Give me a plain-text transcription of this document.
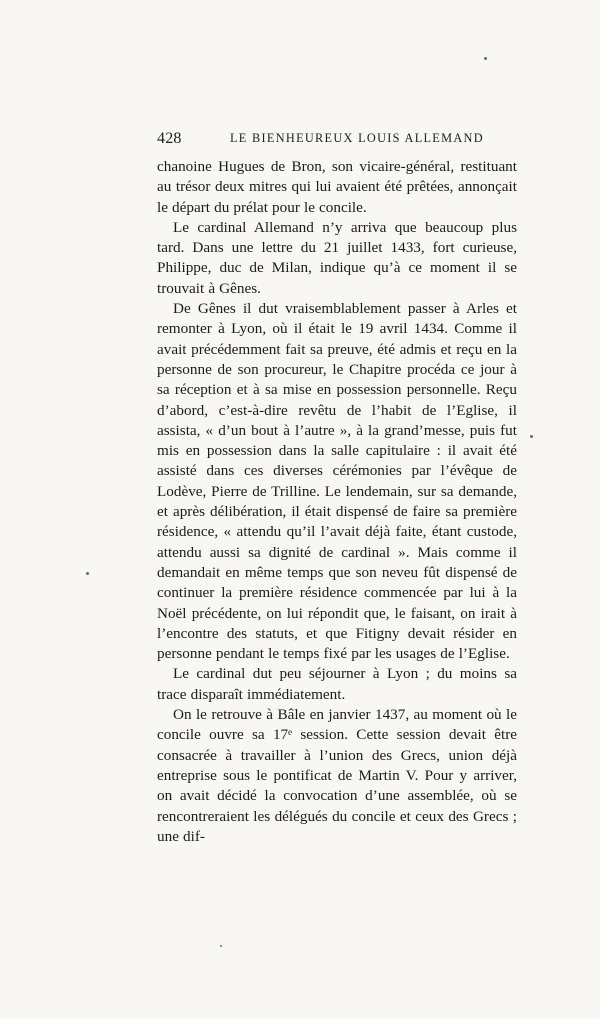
428	LE BIENHEUREUX LOUIS ALLEMAND

chanoine Hugues de Bron, son vicaire-général, restituant au trésor deux mitres qui lui avaient été prêtées, annonçait le départ du prélat pour le concile.

Le cardinal Allemand n’y arriva que beaucoup plus tard. Dans une lettre du 21 juillet 1433, fort curieuse, Philippe, duc de Milan, indique qu’à ce moment il se trouvait à Gênes.

De Gênes il dut vraisemblablement passer à Arles et remonter à Lyon, où il était le 19 avril 1434. Comme il avait précédemment fait sa preuve, été admis et reçu en la personne de son procureur, le Chapitre procéda ce jour à sa réception et à sa mise en possession personnelle. Reçu d’abord, c’est-à-dire revêtu de l’habit de l’Eglise, il assista, « d’un bout à l’autre », à la grand’messe, puis fut mis en possession dans la salle capitulaire : il avait été assisté dans ces diverses cérémonies par l’évêque de Lodève, Pierre de Trilline. Le lendemain, sur sa demande, et après délibération, il était dispensé de faire sa première résidence, « attendu qu’il l’avait déjà faite, étant custode, attendu aussi sa dignité de cardinal ». Mais comme il demandait en même temps que son neveu fût dispensé de continuer la première résidence commencée par lui à la Noël précédente, on lui répondit que, le faisant, on irait à l’encontre des statuts, et que Fitigny devait résider en personne pendant le temps fixé par les usages de l’Eglise.

Le cardinal dut peu séjourner à Lyon ; du moins sa trace disparaît immédiatement.

On le retrouve à Bâle en janvier 1437, au moment où le concile ouvre sa 17ᵉ session. Cette session devait être consacrée à travailler à l’union des Grecs, union déjà entreprise sous le pontificat de Martin V. Pour y arriver, on avait décidé la convocation d’une assemblée, où se rencontreraient les délégués du concile et ceux des Grecs ; une dif-
